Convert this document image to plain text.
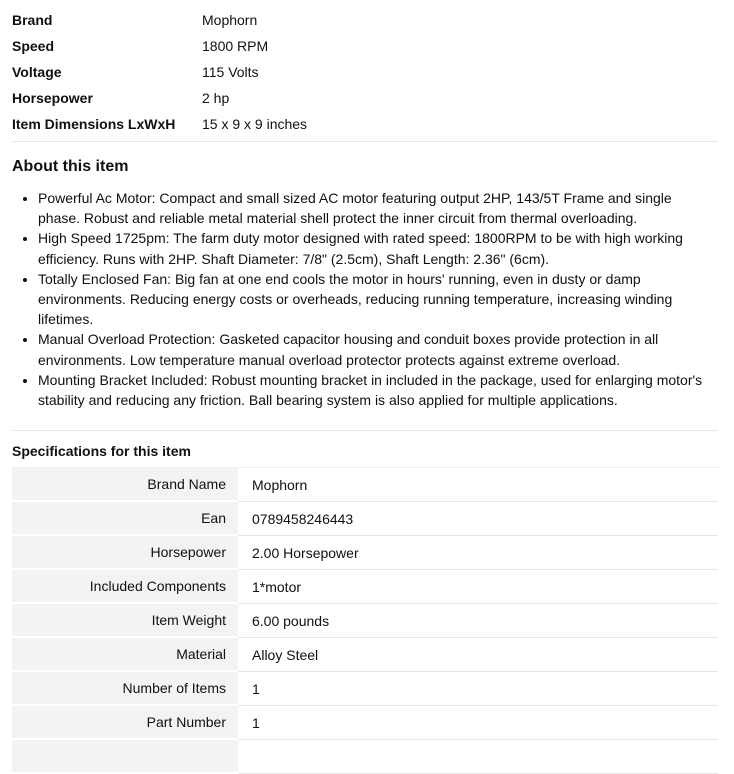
Brand	Mophorn
Speed	1800 RPM
Voltage	115 Volts
Horsepower	2 hp
Item Dimensions LxWxH	15 x 9 x 9 inches
About this item
• Powerful Ac Motor: Compact and small sized AC motor featuring output 2HP, 143/5T Frame and single phase. Robust and reliable metal material shell protect the inner circuit from thermal overloading.
• High Speed 1725pm: The farm duty motor designed with rated speed: 1800RPM to be with high working efficiency. Runs with 2HP. Shaft Diameter: 7/8" (2.5cm), Shaft Length: 2.36" (6cm).
• Totally Enclosed Fan: Big fan at one end cools the motor in hours' running, even in dusty or damp environments. Reducing energy costs or overheads, reducing running temperature, increasing winding lifetimes.
• Manual Overload Protection: Gasketed capacitor housing and conduit boxes provide protection in all environments. Low temperature manual overload protector protects against extreme overload.
• Mounting Bracket Included: Robust mounting bracket in included in the package, used for enlarging motor's stability and reducing any friction. Ball bearing system is also applied for multiple applications.
Specifications for this item
Brand Name	Mophorn
Ean	0789458246443
Horsepower	2.00 Horsepower
Included Components	1*motor
Item Weight	6.00 pounds
Material	Alloy Steel
Number of Items	1
Part Number	1
